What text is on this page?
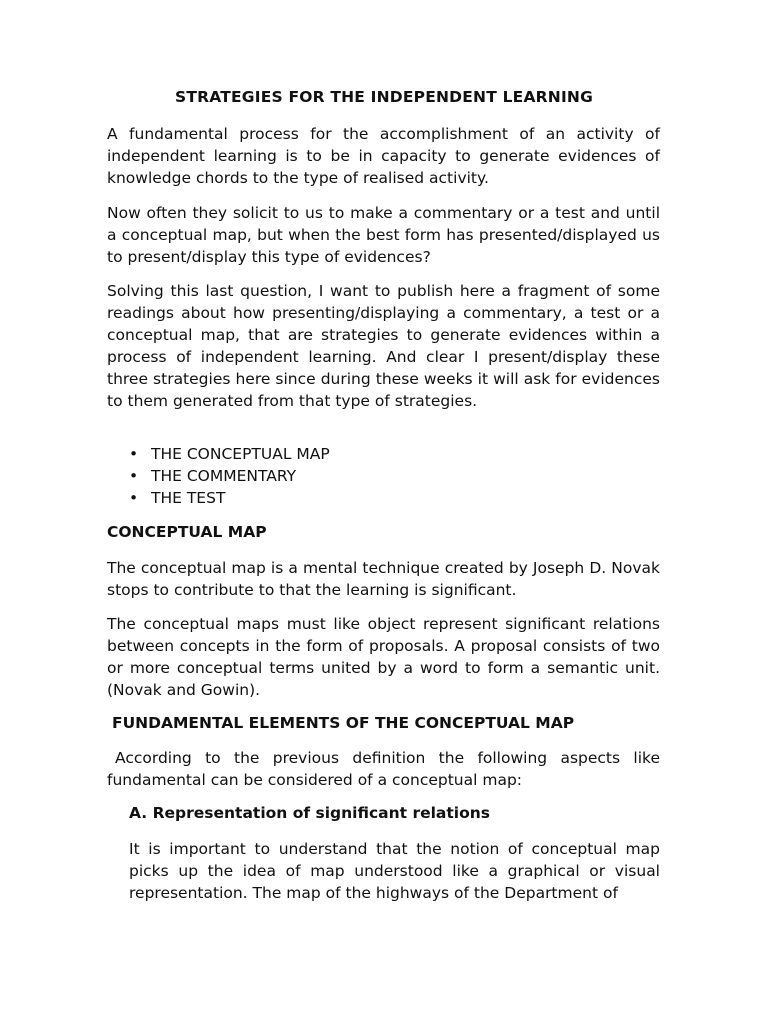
STRATEGIES FOR THE INDEPENDENT LEARNING

A fundamental process for the accomplishment of an activity of independent learning is to be in capacity to generate evidences of knowledge chords to the type of realised activity.

Now often they solicit to us to make a commentary or a test and until a conceptual map, but when the best form has presented/displayed us to present/display this type of evidences?

Solving this last question, I want to publish here a fragment of some readings about how presenting/displaying a commentary, a test or a conceptual map, that are strategies to generate evidences within a process of independent learning. And clear I present/display these three strategies here since during these weeks it will ask for evidences to them generated from that type of strategies.

• THE CONCEPTUAL MAP
• THE COMMENTARY
• THE TEST
CONCEPTUAL MAP

The conceptual map is a mental technique created by Joseph D. Novak stops to contribute to that the learning is significant.

The conceptual maps must like object represent significant relations between concepts in the form of proposals. A proposal consists of two or more conceptual terms united by a word to form a semantic unit. (Novak and Gowin).

FUNDAMENTAL ELEMENTS OF THE CONCEPTUAL MAP

According to the previous definition the following aspects like fundamental can be considered of a conceptual map:

A. Representation of significant relations

It is important to understand that the notion of conceptual map picks up the idea of map understood like a graphical or visual representation. The map of the highways of the Department of
